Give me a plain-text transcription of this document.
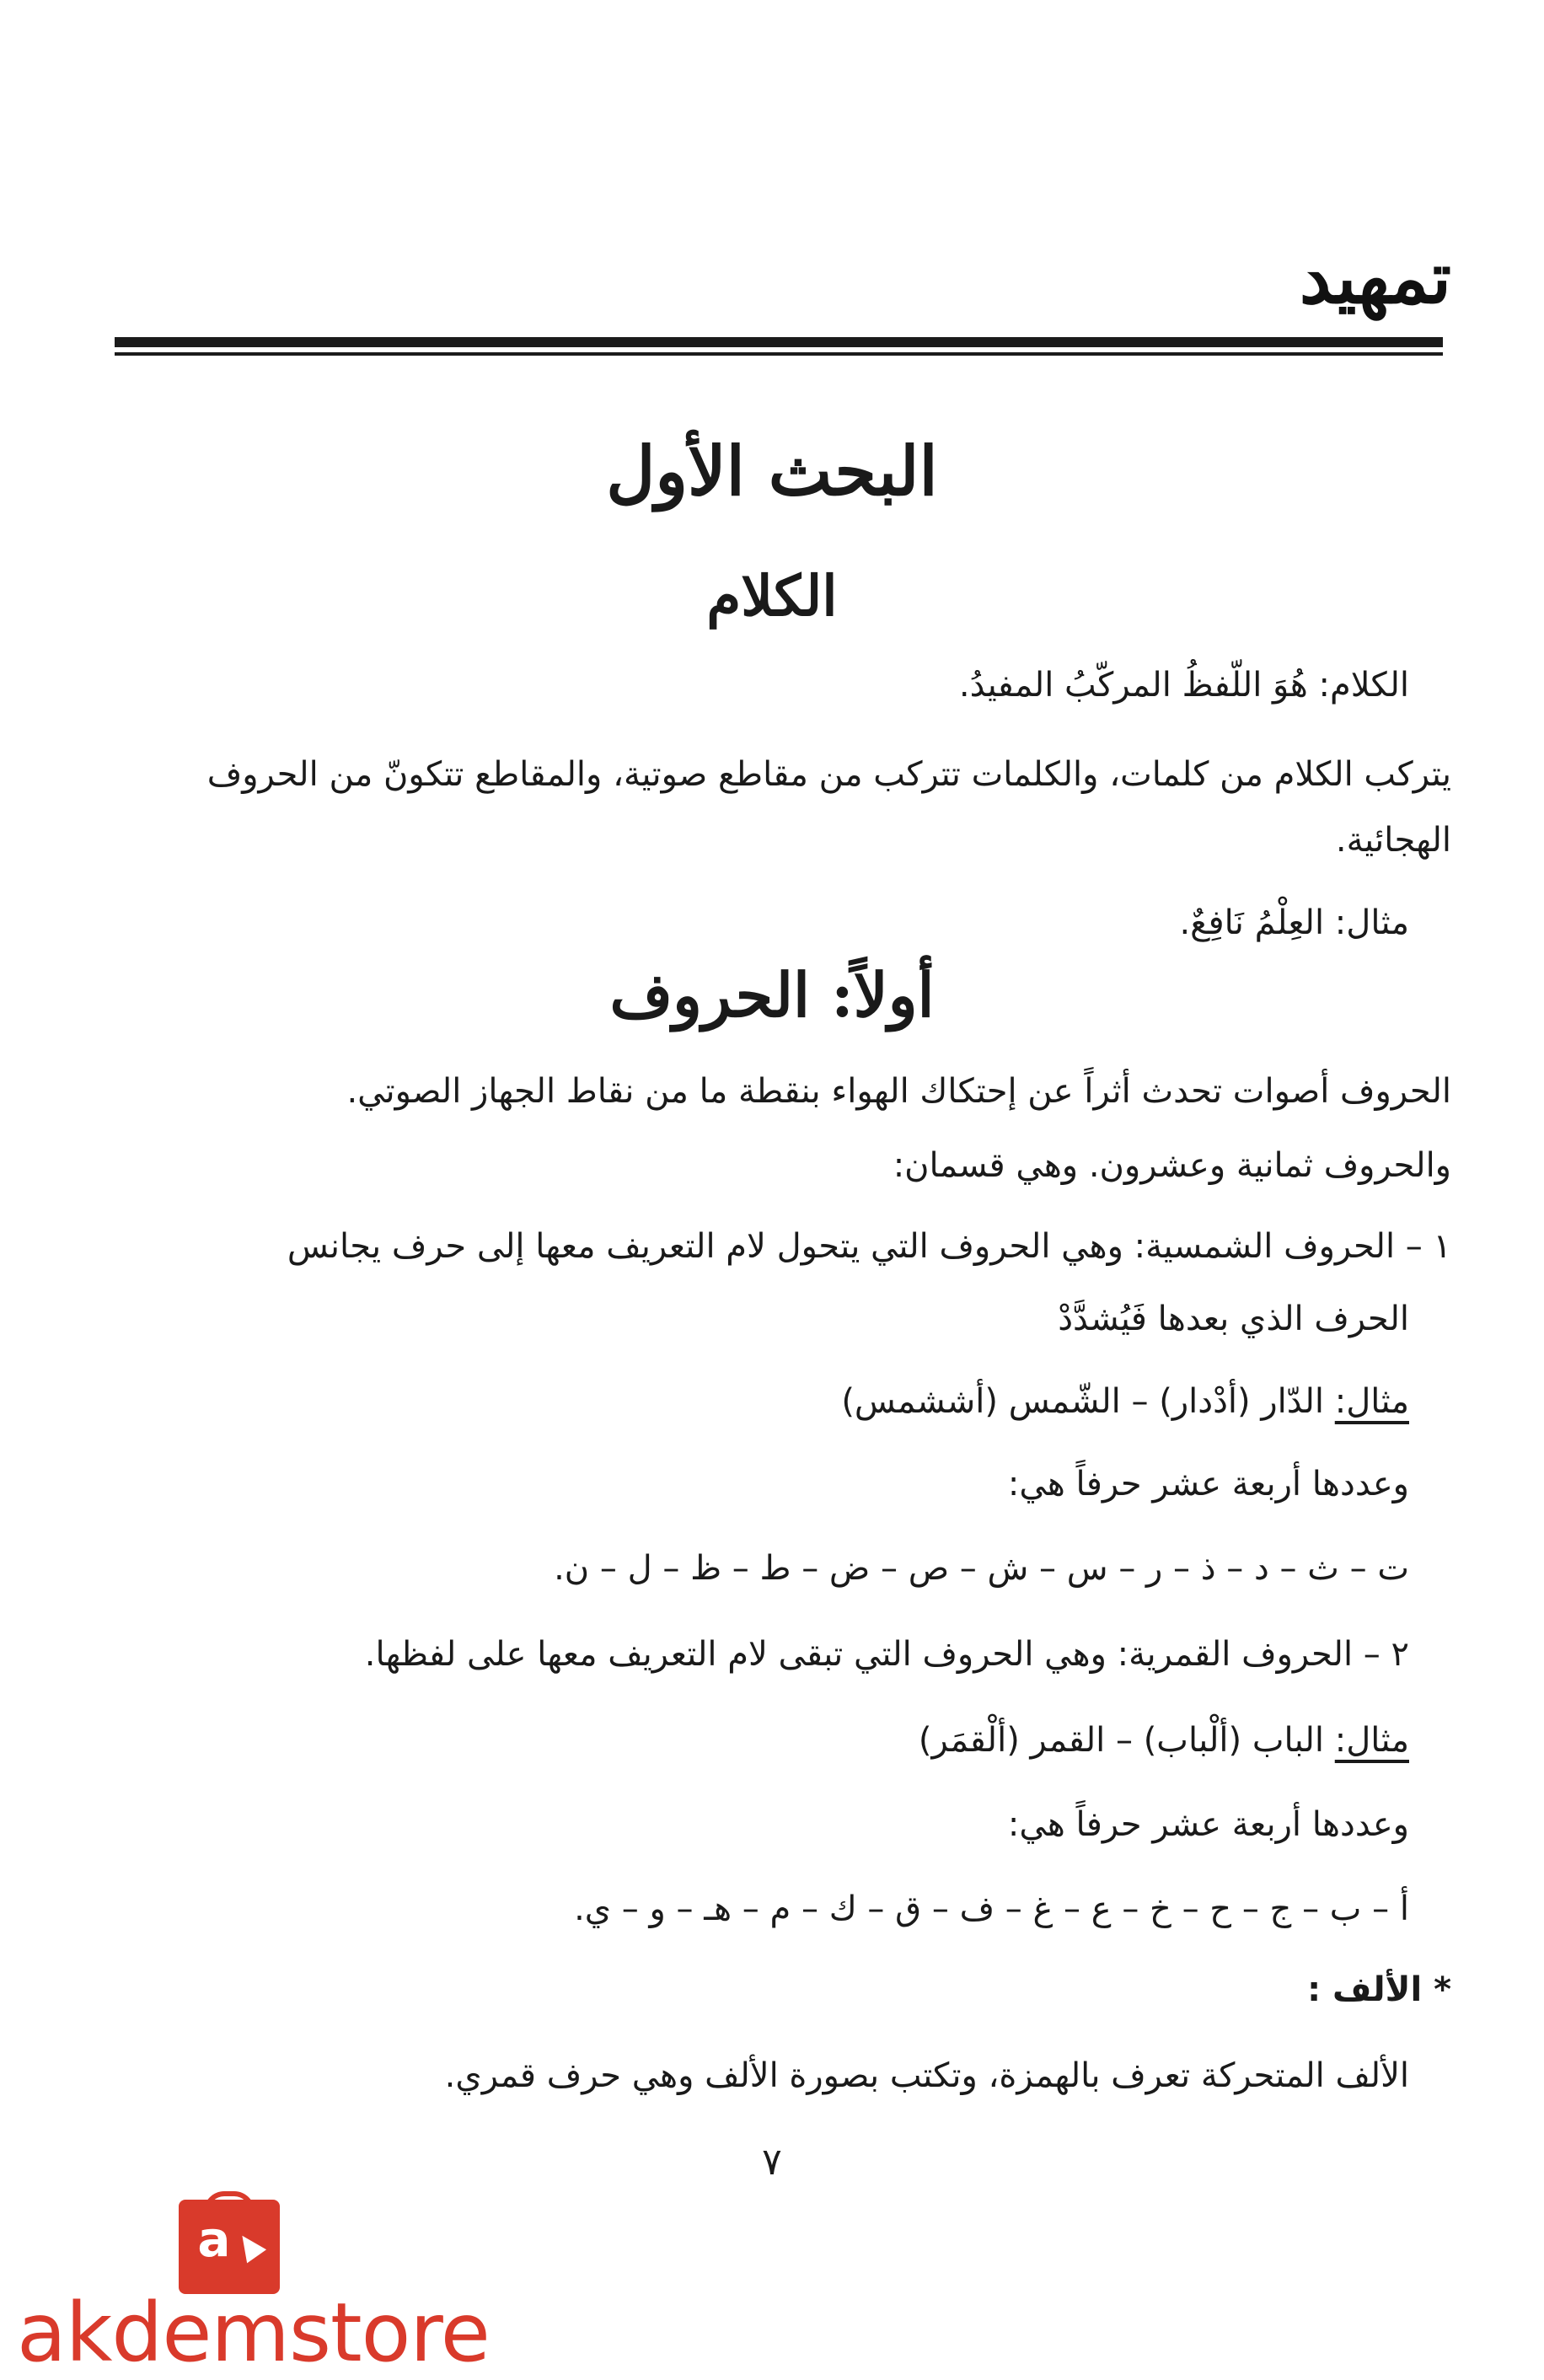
تمهيد
البحث الأول
الكلام
الكلام: هُوَ اللّفظُ المركّبُ المفيدُ.
يتركب الكلام من كلمات، والكلمات تتركب من مقاطع صوتية، والمقاطع تتكونّ من الحروف
الهجائية.
مثال: العِلْمُ نَافِعٌ.
أولاً: الحروف
الحروف أصوات تحدث أثراً عن إحتكاك الهواء بنقطة ما من نقاط الجهاز الصوتي.
والحروف ثمانية وعشرون. وهي قسمان:
١ – الحروف الشمسية: وهي الحروف التي يتحول لام التعريف معها إلى حرف يجانس
الحرف الذي بعدها فَيُشدَّدْ
مثال: الدّار (أدْدار) – الشّمس (أششمس)
وعددها أربعة عشر حرفاً هي:
ت – ث – د – ذ – ر – س – ش – ص – ض – ط – ظ – ل – ن.
٢ – الحروف القمرية: وهي الحروف التي تبقى لام التعريف معها على لفظها.
مثال: الباب (ألْباب) – القمر (ألْقمَر)
وعددها أربعة عشر حرفاً هي:
أ – ب – ج – ح – خ – ع – غ – ف – ق – ك – م – هـ – و – ي.
* الألف :
الألف المتحركة تعرف بالهمزة، وتكتب بصورة الألف وهي حرف قمري.
٧
a
akdemstore
